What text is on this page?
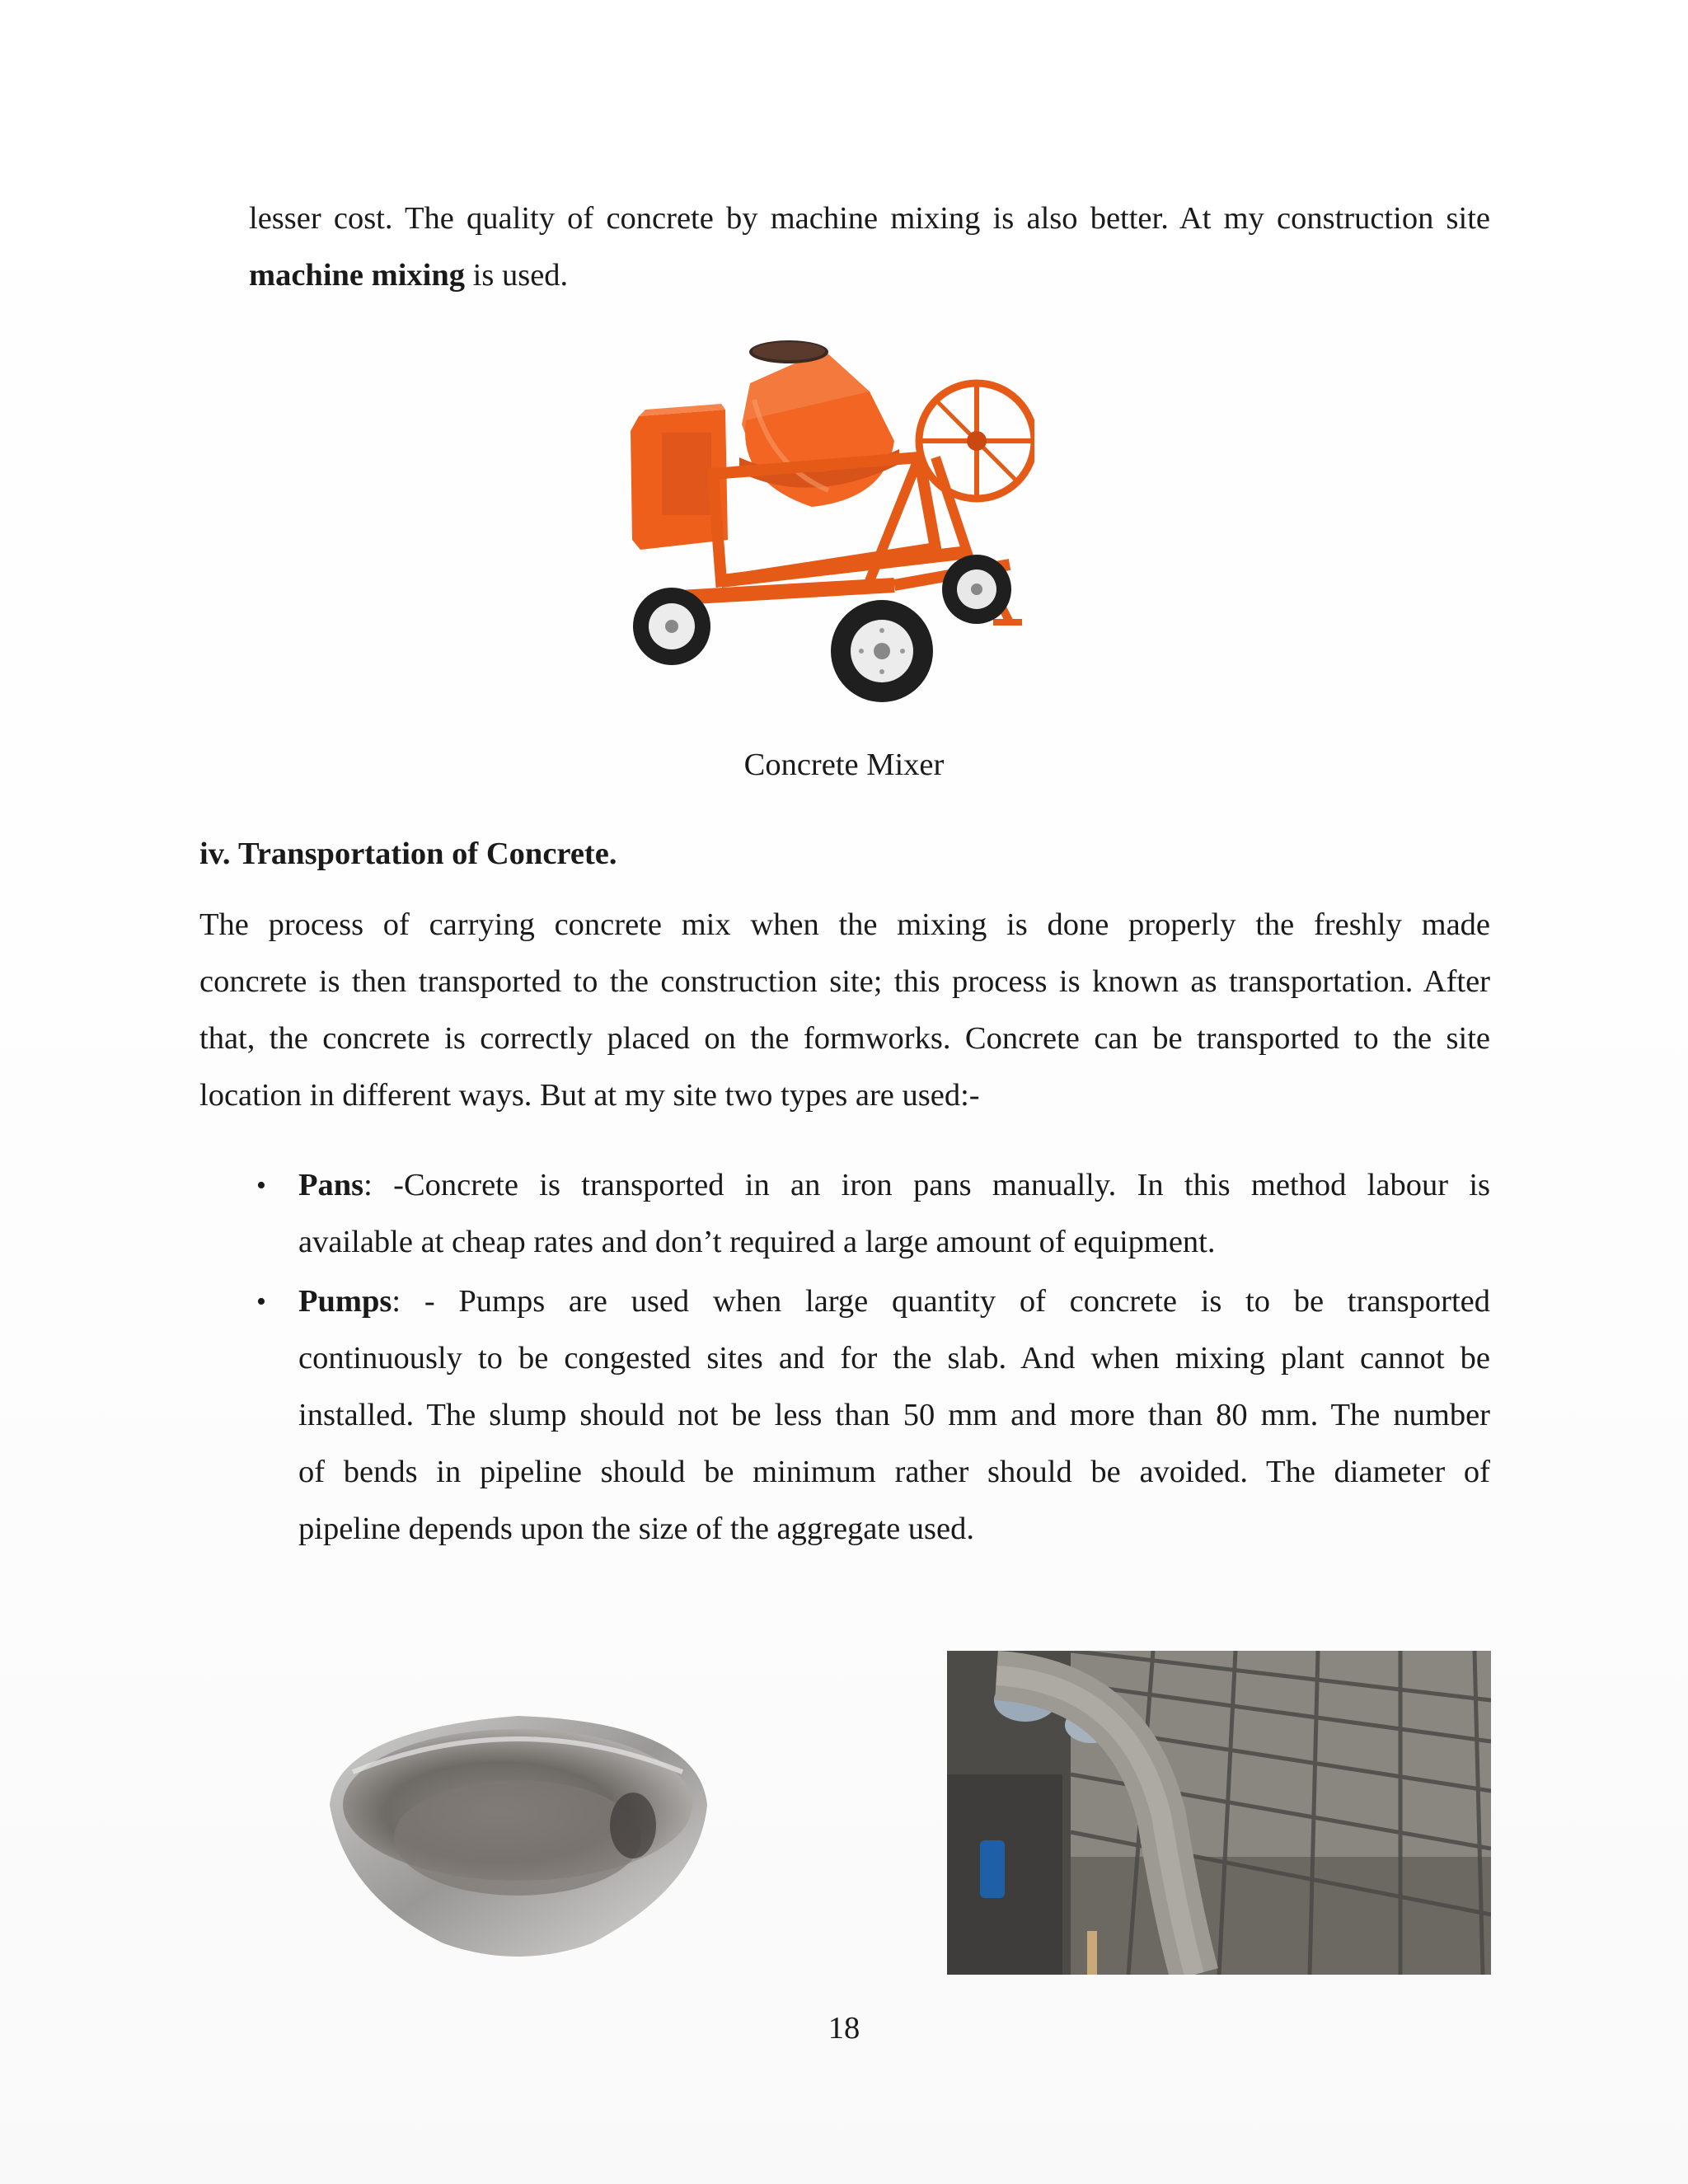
lesser cost. The quality of concrete by machine mixing is also better. At my construction site
machine mixing is used.
Concrete Mixer
iv. Transportation of Concrete.
The process of carrying concrete mix when the mixing is done properly the freshly made
concrete is then transported to the construction site; this process is known as transportation. After
that, the concrete is correctly placed on the formworks. Concrete can be transported to the site
location in different ways. But at my site two types are used:-
• Pans: -Concrete is transported in an iron pans manually. In this method labour is
available at cheap rates and don’t required a large amount of equipment.
• Pumps: - Pumps are used when large quantity of concrete is to be transported
continuously to be congested sites and for the slab. And when mixing plant cannot be
installed. The slump should not be less than 50 mm and more than 80 mm. The number
of bends in pipeline should be minimum rather should be avoided. The diameter of
pipeline depends upon the size of the aggregate used.
18
